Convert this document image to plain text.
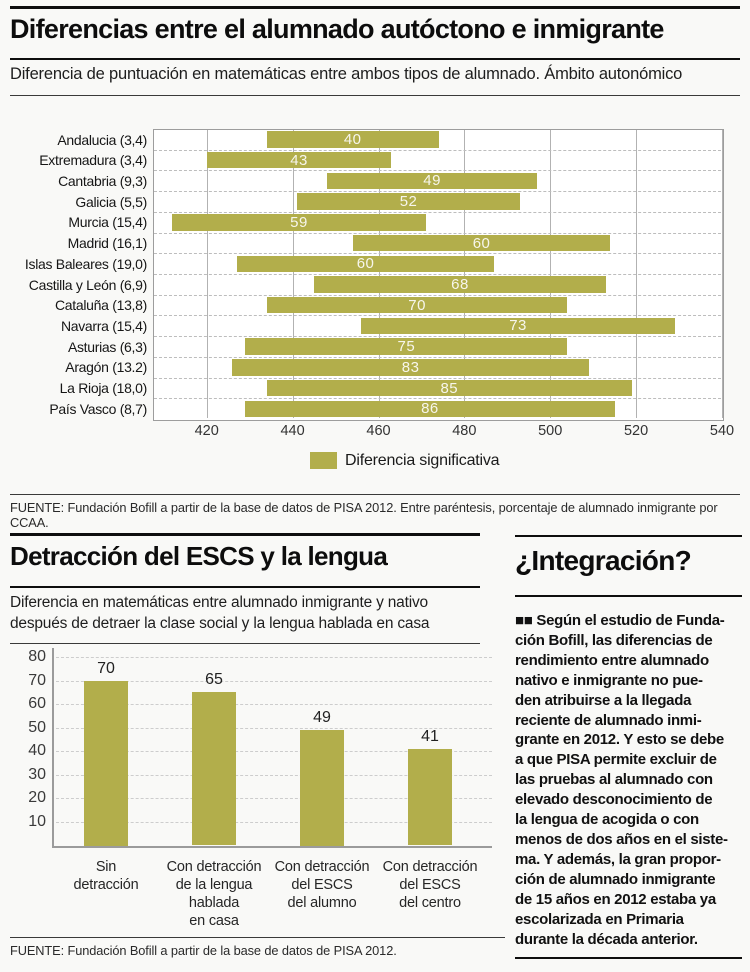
Diferencias entre el alumnado autóctono e inmigrante
Diferencia de puntuación en matemáticas entre ambos tipos de alumnado. Ámbito autonómico
420	440	460	480	500	520	540
Andalucia (3,4)	40
Extremadura (3,4)	43
Cantabria (9,3)	49
Galicia (5,5)	52
Murcia (15,4)	59
Madrid (16,1)	60
Islas Baleares (19,0)	60
Castilla y León (6,9)	68
Cataluña (13,8)	70
Navarra (15,4)	73
Asturias (6,3)	75
Aragón (13.2)	83
La Rioja (18,0)	85
País Vasco (8,7)	86
Diferencia significativa
FUENTE: Fundación Bofill a partir de la base de datos de PISA 2012. Entre paréntesis, porcentaje de alumnado inmigrante por CCAA.
Detracción del ESCS y la lengua
Diferencia en matemáticas entre alumnado inmigrante y nativo
después de detraer la clase social y la lengua hablada en casa
10
20
30
40
50
60
70
80
70
Sin
detracción
65
Con detracción
de la lengua
hablada
en casa
49
Con detracción
del ESCS
del alumno
41
Con detracción
del ESCS
del centro
FUENTE: Fundación Bofill a partir de la base de datos de PISA 2012.
¿Integración?
■■ Según el estudio de Funda-
ción Bofill, las diferencias de
rendimiento entre alumnado
nativo e inmigrante no pue-
den atribuirse a la llegada
reciente de alumnado inmi-
grante en 2012. Y esto se debe
a que PISA permite excluir de
las pruebas al alumnado con
elevado desconocimiento de
la lengua de acogida o con
menos de dos años en el siste-
ma. Y además, la gran propor-
ción de alumnado inmigrante
de 15 años en 2012 estaba ya
escolarizada en Primaria
durante la década anterior.
